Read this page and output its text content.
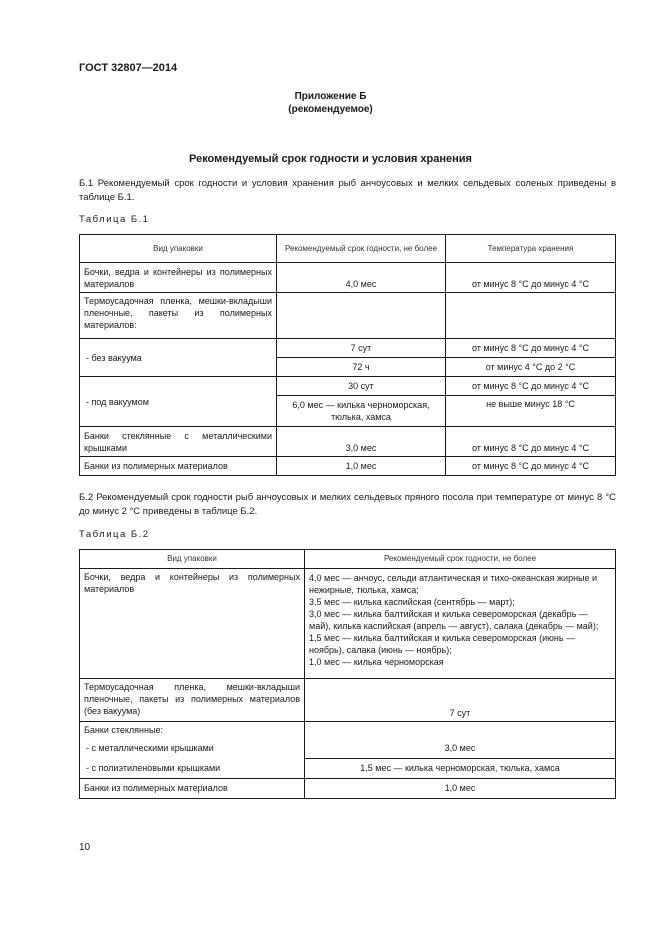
ГОСТ 32807—2014
Приложение Б
(рекомендуемое)
Рекомендуемый срок годности и условия хранения
Б.1 Рекомендуемый срок годности и условия хранения рыб анчоусовых и мелких сельдевых соленых приведены в таблице Б.1.
Таблица Б.1
Вид упаковки	Рекомендуемый срок годности, не более	Температура хранения
Бочки, ведра и контейнеры из полимерных материалов	4,0 мес	от минус 8 °С до минус 4 °С
Термоусадочная пленка, мешки-вкладыши пленочные, пакеты из полимерных материалов:		
- без вакуума	7 сут	от минус 8 °С до минус 4 °С
	72 ч	от минус 4 °С до 2 °С
- под вакуумом	30 сут	от минус 8 °С до минус 4 °С
	6,0 мес — килька черноморская, тюлька, хамса	не выше минус 18 °С
Банки стеклянные с металлическими крышками	3,0 мес	от минус 8 °С до минус 4 °С
Банки из полимерных материалов	1,0 мес	от минус 8 °С до минус 4 °С
Б.2 Рекомендуемый срок годности рыб анчоусовых и мелких сельдевых пряного посола при температуре от минус 8 °С до минус 2 °С приведены в таблице Б.2.
Таблица Б.2
Вид упаковки	Рекомендуемый срок годности, не более
Бочки, ведра и контейнеры из полимерных материалов	4,0 мес — анчоус, сельди атлантическая и тихо-океанская жирные и нежирные, тюлька, хамса;
3,5 мес — килька каспийская (сентябрь — март);
3,0 мес — килька балтийская и килька североморская (декабрь — май), килька каспийская (апрель — август), салака (декабрь — май);
1,5 мес — килька балтийская и килька североморская (июнь — ноябрь), салака (июнь — ноябрь);
1,0 мес — килька черноморская

Термоусадочная пленка, мешки-вкладыши пленочные, пакеты из полимерных материалов (без вакуума)	7 сут
Банки стеклянные:	
- с металлическими крышками	3,0 мес
- с полиэтиленовыми крышками	1,5 мес — килька черноморская, тюлька, хамса
Банки из полимерных материалов	1,0 мес
10
